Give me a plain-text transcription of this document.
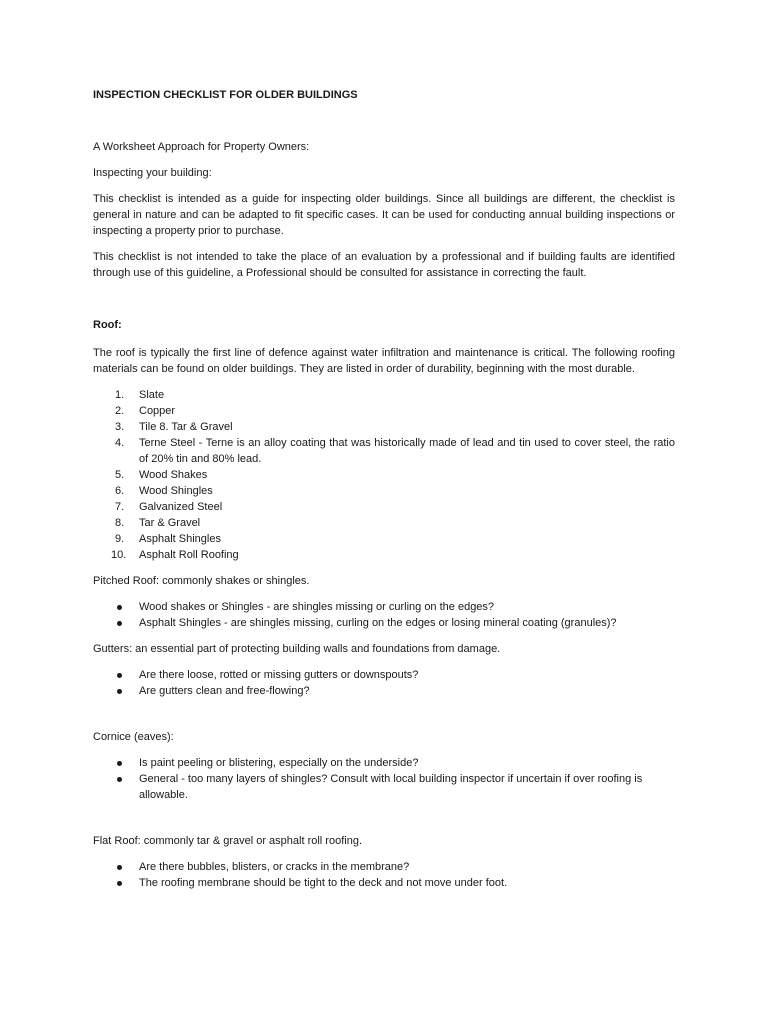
INSPECTION CHECKLIST FOR OLDER BUILDINGS

A Worksheet Approach for Property Owners:

Inspecting your building:

This checklist is intended as a guide for inspecting older buildings. Since all buildings are different, the checklist is general in nature and can be adapted to fit specific cases. It can be used for conducting annual building inspections or inspecting a property prior to purchase.

This checklist is not intended to take the place of an evaluation by a professional and if building faults are identified through use of this guideline, a Professional should be consulted for assistance in correcting the fault.

Roof:

The roof is typically the first line of defence against water infiltration and maintenance is critical. The following roofing materials can be found on older buildings. They are listed in order of durability, beginning with the most durable.

1. Slate
2. Copper
3. Tile 8. Tar & Gravel
4. Terne Steel - Terne is an alloy coating that was historically made of lead and tin used to cover steel, the ratio of 20% tin and 80% lead.
5. Wood Shakes
6. Wood Shingles
7. Galvanized Steel
8. Tar & Gravel
9. Asphalt Shingles
10. Asphalt Roll Roofing

Pitched Roof: commonly shakes or shingles.

Wood shakes or Shingles - are shingles missing or curling on the edges?
Asphalt Shingles - are shingles missing, curling on the edges or losing mineral coating (granules)?

Gutters: an essential part of protecting building walls and foundations from damage.

Are there loose, rotted or missing gutters or downspouts?
Are gutters clean and free-flowing?

Cornice (eaves):

Is paint peeling or blistering, especially on the underside?
General - too many layers of shingles? Consult with local building inspector if uncertain if over roofing is allowable.

Flat Roof: commonly tar & gravel or asphalt roll roofing.

Are there bubbles, blisters, or cracks in the membrane?
The roofing membrane should be tight to the deck and not move under foot.
